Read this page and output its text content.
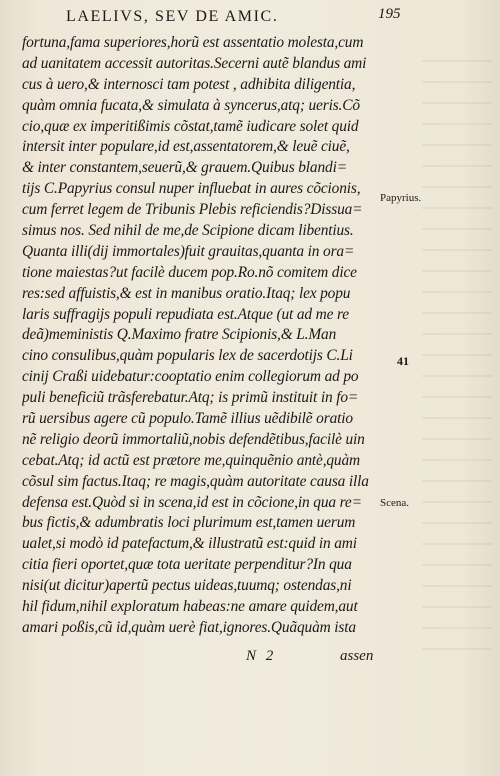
LAELIVS, SEV DE AMIC.	195
fortuna,fama superiores,horũ est assentatio molesta,cum
ad uanitatem accessit autoritas.Secerni autẽ blandus ami
cus à uero,& internosci tam potest , adhibita diligentia,
quàm omnia fucata,& simulata à syncerus,atq; ueris.Cõ
cio,quæ ex imperitißimis cõstat,tamẽ iudicare solet quid
intersit inter populare,id est,assentatorem,& leuẽ ciuẽ,
& inter constantem,seuerũ,& grauem.Quibus blandi=
tijs C.Papyrius consul nuper influebat in aures cõcionis,
cum ferret legem de Tribunis Plebis reficiendis?Dissua=
simus nos. Sed nihil de me,de Scipione dicam libentius.
Quanta illi(dij immortales)fuit grauitas,quanta in ora=
tione maiestas?ut facilè ducem pop.Ro.nõ comitem dice
res:sed affuistis,& est in manibus oratio.Itaq; lex popu
laris suffragijs populi repudiata est.Atque (ut ad me re
deã)meministis Q.Maximo fratre Scipionis,& L.Man
cino consulibus,quàm popularis lex de sacerdotijs C.Li
cinij Craßi uidebatur:cooptatio enim collegiorum ad po
puli beneficiũ trãsferebatur.Atq; is primũ instituit in fo=
rũ uersibus agere cũ populo.Tamẽ illius uẽdibilẽ oratio
nẽ religio deorũ immortaliũ,nobis defendẽtibus,facilè uin
cebat.Atq; id actũ est prætore me,quinquẽnio antè,quàm
cõsul sim factus.Itaq; re magis,quàm autoritate causa illa
defensa est.Quòd si in scena,id est in cõcione,in qua re=
bus fictis,& adumbratis loci plurimum est,tamen uerum
ualet,si modò id patefactum,& illustratũ est:quid in ami
citia fieri oportet,quæ tota ueritate perpenditur?In qua
nisi(ut dicitur)apertũ pectus uideas,tuumq; ostendas,ni
hil fidum,nihil exploratum habeas:ne amare quidem,aut
amari poßis,cũ id,quàm uerè fiat,ignores.Quãquàm ista
Papyrius.
41
Scena.
N 2	assen
